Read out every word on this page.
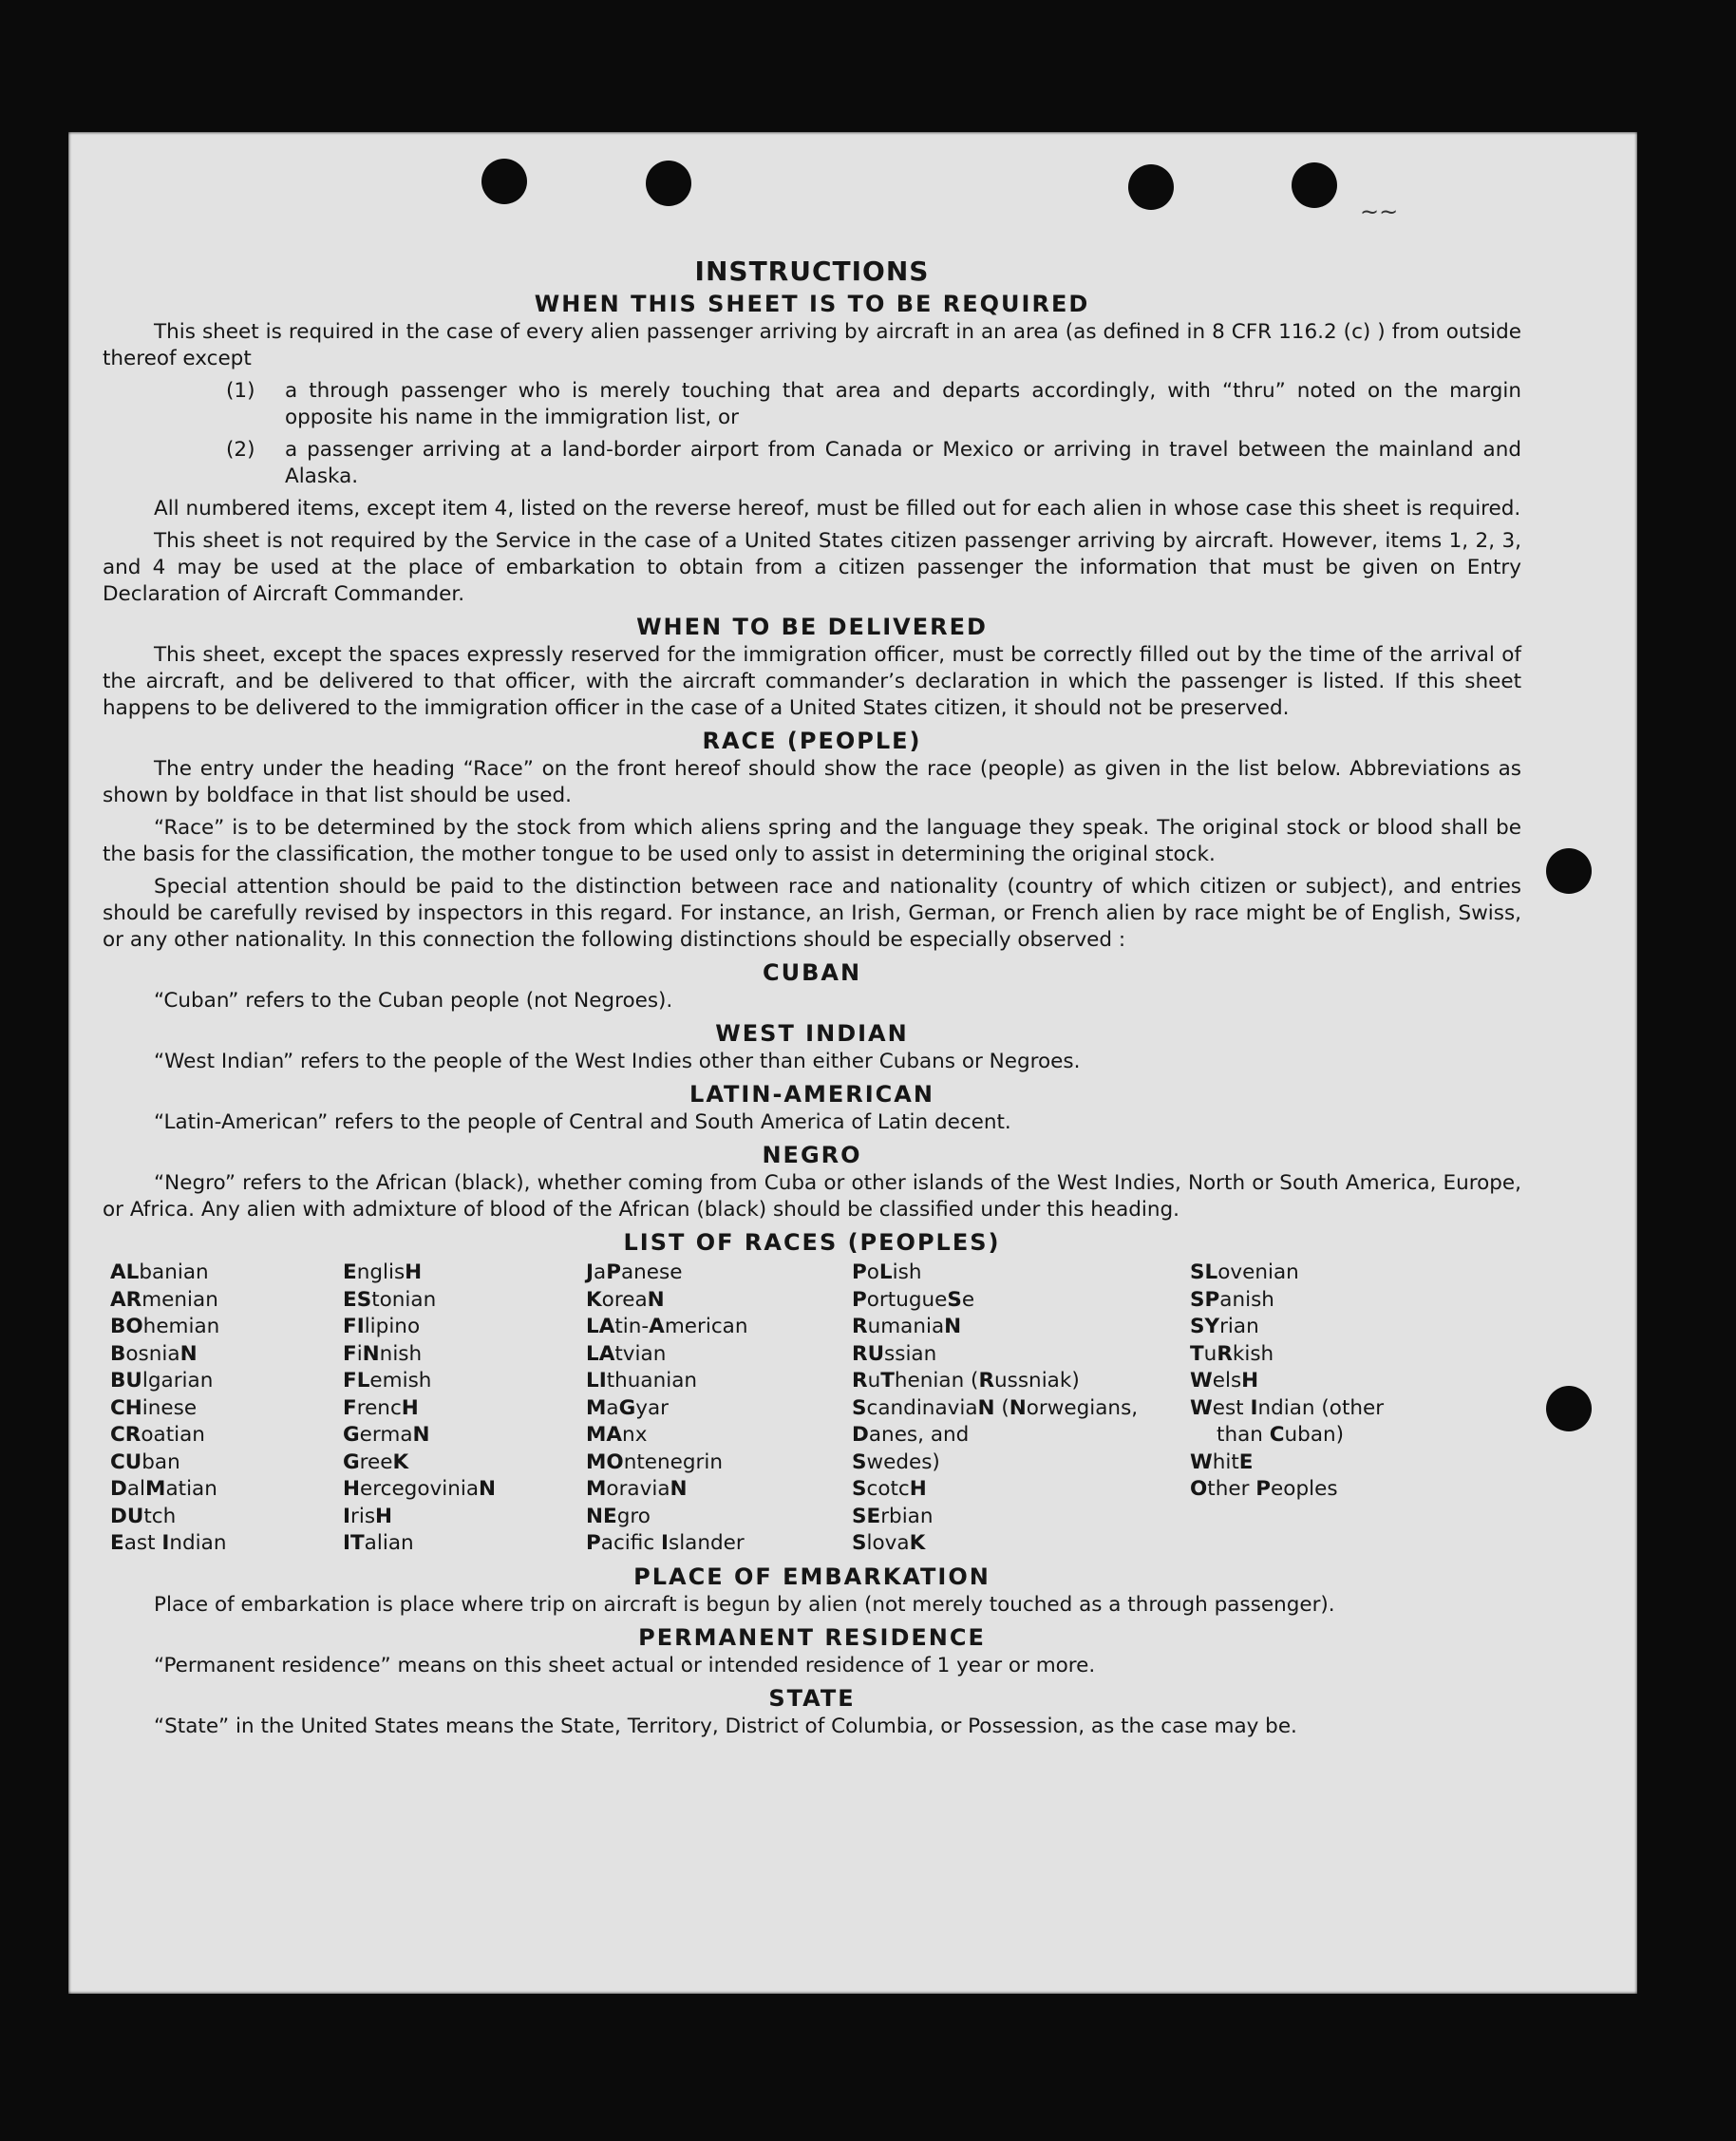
~~
INSTRUCTIONS
WHEN THIS SHEET IS TO BE REQUIRED
This sheet is required in the case of every alien passenger arriving by aircraft in an area (as defined in 8 CFR 116.2 (c) ) from outside thereof except
(1)	a through passenger who is merely touching that area and departs accordingly, with “thru” noted on the margin opposite his name in the immigration list, or
(2)	a passenger arriving at a land-border airport from Canada or Mexico or arriving in travel between the mainland and Alaska.
All numbered items, except item 4, listed on the reverse hereof, must be filled out for each alien in whose case this sheet is required.
This sheet is not required by the Service in the case of a United States citizen passenger arriving by aircraft. However, items 1, 2, 3, and 4 may be used at the place of embarkation to obtain from a citizen passenger the information that must be given on Entry Declaration of Aircraft Commander.
WHEN TO BE DELIVERED
This sheet, except the spaces expressly reserved for the immigration officer, must be correctly filled out by the time of the arrival of the aircraft, and be delivered to that officer, with the aircraft commander’s declaration in which the passenger is listed. If this sheet happens to be delivered to the immigration officer in the case of a United States citizen, it should not be preserved.
RACE (PEOPLE)
The entry under the heading “Race” on the front hereof should show the race (people) as given in the list below. Abbreviations as shown by boldface in that list should be used.
“Race” is to be determined by the stock from which aliens spring and the language they speak. The original stock or blood shall be the basis for the classification, the mother tongue to be used only to assist in determining the original stock.
Special attention should be paid to the distinction between race and nationality (country of which citizen or subject), and entries should be carefully revised by inspectors in this regard. For instance, an Irish, German, or French alien by race might be of English, Swiss, or any other nationality. In this connection the following distinctions should be especially observed :
CUBAN
“Cuban” refers to the Cuban people (not Negroes).
WEST INDIAN
“West Indian” refers to the people of the West Indies other than either Cubans or Negroes.
LATIN-AMERICAN
“Latin-American” refers to the people of Central and South America of Latin decent.
NEGRO
“Negro” refers to the African (black), whether coming from Cuba or other islands of the West Indies, North or South America, Europe, or Africa. Any alien with admixture of blood of the African (black) should be classified under this heading.
LIST OF RACES (PEOPLES)
ALbanian
ARmenian
BOhemian
BosniaN
BUlgarian
CHinese
CRoatian
CUban
DalMatian
DUtch
East Indian
EnglisH
EStonian
FIlipino
FiNnish
FLemish
FrencH
GermaN
GreeK
HercegoviniaN
IrisH
ITalian
JaPanese
KoreaN
LAtin-American
LAtvian
LIthuanian
MaGyar
MAnx
MOntenegrin
MoraviaN
NEgro
Pacifc Islander
PoLish
PortugueSe
RumaniaN
RUssian
RuThenian (Russniak)
ScandinaviaN (Norwegians,
Danes, and
Swedes)
ScotcH
SErbian
SlovaK
SLovenian
SPanish
SYrian
TuRkish
WelsH
West Indian (other
than Cuban)
WhitE
Other Peoples
PLACE OF EMBARKATION
Place of embarkation is place where trip on aircraft is begun by alien (not merely touched as a through passenger).
PERMANENT RESIDENCE
“Permanent residence” means on this sheet actual or intended residence of 1 year or more.
STATE
“State” in the United States means the State, Territory, District of Columbia, or Possession, as the case may be.
